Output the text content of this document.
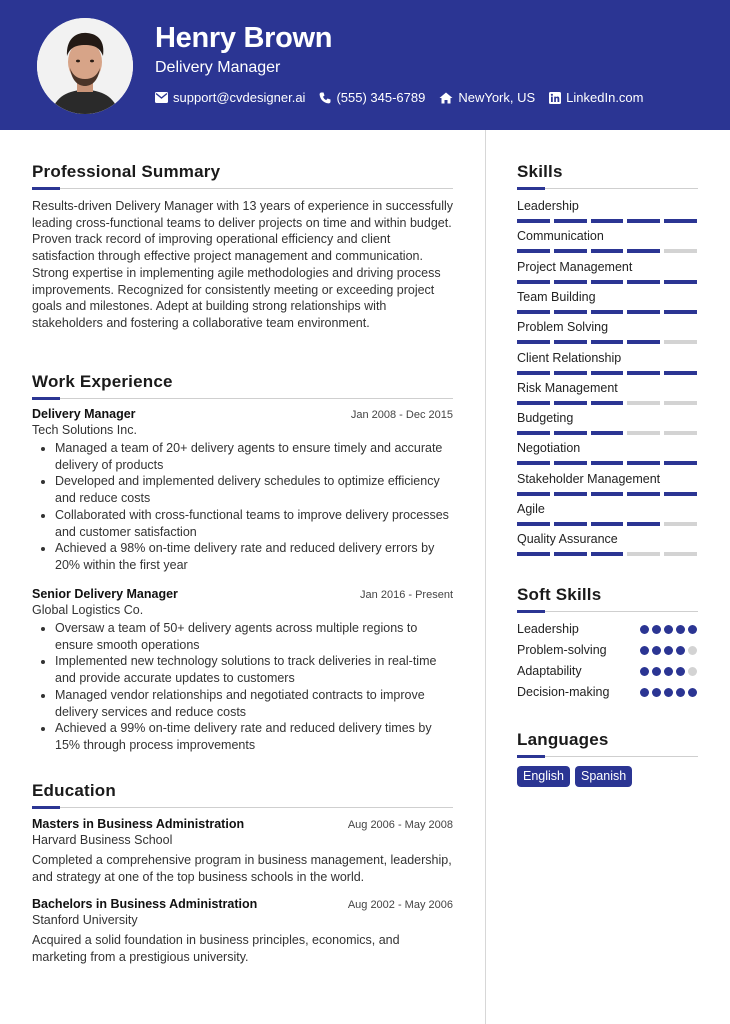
Henry Brown
Delivery Manager
support@cvdesigner.ai (555) 345-6789	NewYork, US LinkedIn.com
Professional Summary
Results-driven Delivery Manager with 13 years of experience in successfully leading cross-functional teams to deliver projects on time and within budget. Proven track record of improving operational efficiency and client satisfaction through effective project management and communication. Strong expertise in implementing agile methodologies and driving process improvements. Recognized for consistently meeting or exceeding project goals and milestones. Adept at building strong relationships with stakeholders and fostering a collaborative team environment.
Work Experience
Delivery Manager	Jan 2008 - Dec 2015
Tech Solutions Inc.
Managed a team of 20+ delivery agents to ensure timely and accurate delivery of products
Developed and implemented delivery schedules to optimize efficiency and reduce costs
Collaborated with cross-functional teams to improve delivery processes and customer satisfaction
Achieved a 98% on-time delivery rate and reduced delivery errors by 20% within the first year
Senior Delivery Manager	Jan 2016 - Present
Global Logistics Co.
Oversaw a team of 50+ delivery agents across multiple regions to ensure smooth operations
Implemented new technology solutions to track deliveries in real-time and provide accurate updates to customers
Managed vendor relationships and negotiated contracts to improve delivery services and reduce costs
Achieved a 99% on-time delivery rate and reduced delivery times by 15% through process improvements
Education
Masters in Business Administration	Aug 2006 - May 2008
Harvard Business School
Completed a comprehensive program in business management, leadership, and strategy at one of the top business schools in the world.
Bachelors in Business Administration	Aug 2002 - May 2006
Stanford University
Acquired a solid foundation in business principles, economics, and marketing from a prestigious university.
Skills
Leadership
Communication
Project Management
Team Building
Problem Solving
Client Relationship
Risk Management
Budgeting
Negotiation
Stakeholder Management
Agile
Quality Assurance
Soft Skills
Leadership
Problem-solving
Adaptability
Decision-making
Languages
English	Spanish
